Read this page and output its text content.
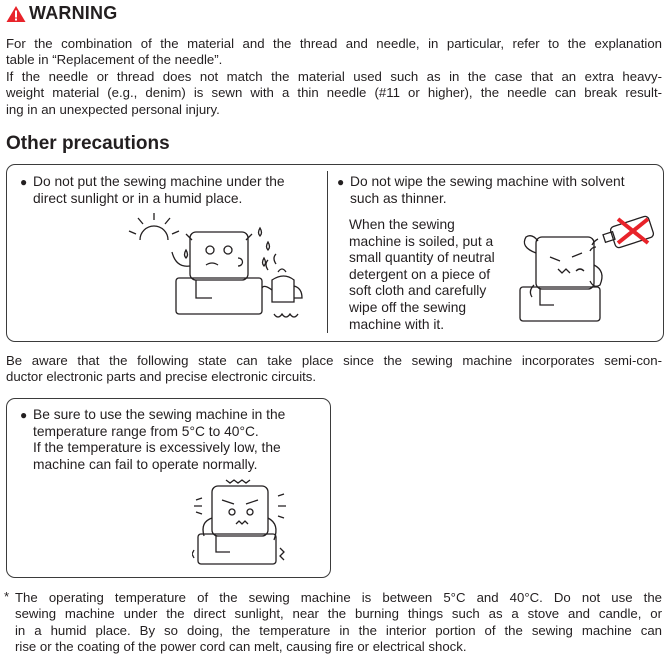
WARNING
For the combination of the material and the thread and needle, in particular, refer to the explanation
table in “Replacement of the needle”.
If the needle or thread does not match the material used such as in the case that an extra heavy-
weight material (e.g., denim) is sewn with a thin needle (#11 or higher), the needle can break result-
ing in an unexpected personal injury.
Other precautions
● Do not put the sewing machine under the
direct sunlight or in a humid place.
● Do not wipe the sewing machine with solvent
such as thinner.
When the sewing
machine is soiled, put a
small quantity of neutral
detergent on a piece of
soft cloth and carefully
wipe off the sewing
machine with it.
Be aware that the following state can take place since the sewing machine incorporates semi-con-
ductor electronic parts and precise electronic circuits.
● Be sure to use the sewing machine in the
temperature range from 5°C to 40°C.
If the temperature is excessively low, the
machine can fail to operate normally.
* The operating temperature of the sewing machine is between 5°C and 40°C. Do not use the
sewing machine under the direct sunlight, near the burning things such as a stove and candle, or
in a humid place. By so doing, the temperature in the interior portion of the sewing machine can
rise or the coating of the power cord can melt, causing fire or electrical shock.
